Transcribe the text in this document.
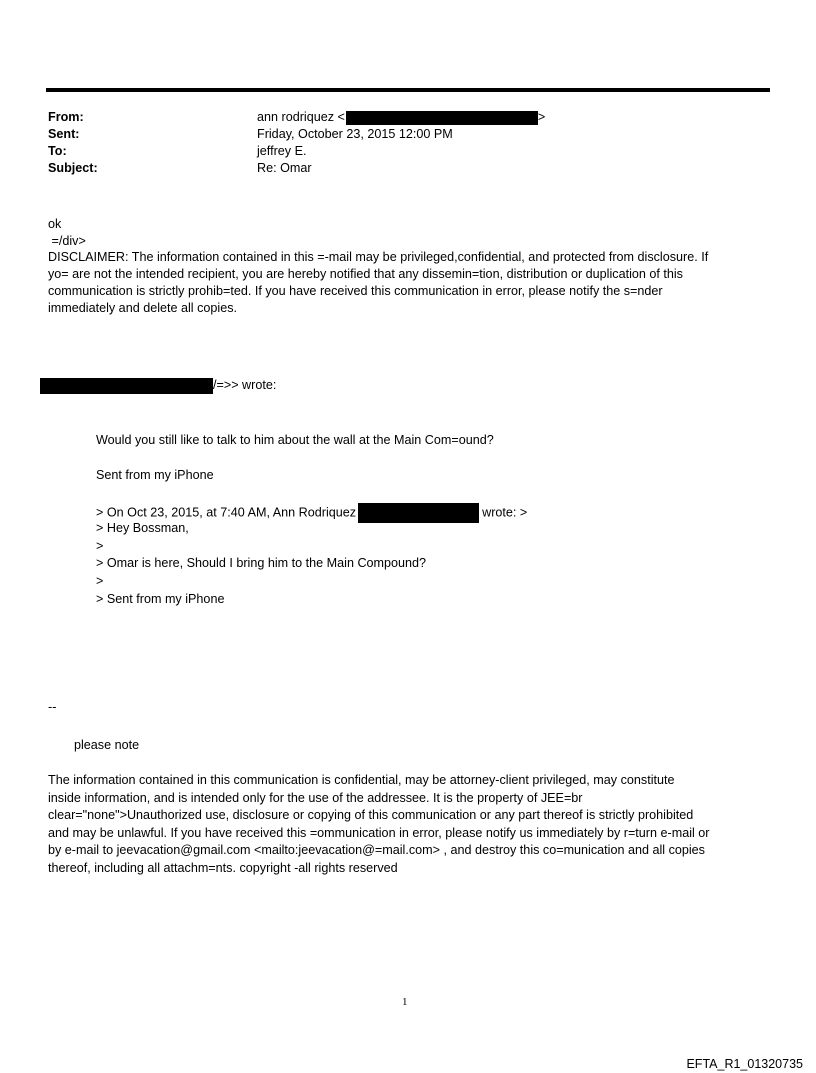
From:	ann rodriquez <	>
Sent:	Friday, October 23, 2015 12:00 PM
To:	jeffrey E.
Subject:	Re: Omar
ok
=/div>
DISCLAIMER: The information contained in this =-mail may be privileged,confidential, and protected from disclosure. If
yo= are not the intended recipient, you are hereby notified that any dissemin=tion, distribution or duplication of this
communication is strictly prohib=ted. If you have received this communication in error, please notify the s=nder
immediately and delete all copies.
/=>> wrote:
Would you still like to talk to him about the wall at the Main Com=ound?
Sent from my iPhone
> On Oct 23, 2015, at 7:40 AM, Ann Rodriquez	wrote: >
> Hey Bossman,
>
> Omar is here, Should I bring him to the Main Compound?
>
> Sent from my iPhone
--
please note
The information contained in this communication is confidential, may be attorney-client privileged, may constitute
inside information, and is intended only for the use of the addressee. It is the property of JEE=br
clear="none">Unauthorized use, disclosure or copying of this communication or any part thereof is strictly prohibited
and may be unlawful. If you have received this =ommunication in error, please notify us immediately by r=turn e-mail or
by e-mail to jeevacation@gmail.com <mailto:jeevacation@=mail.com> , and destroy this co=munication and all copies
thereof, including all attachm=nts. copyright -all rights reserved
1
EFTA_R1_01320735
